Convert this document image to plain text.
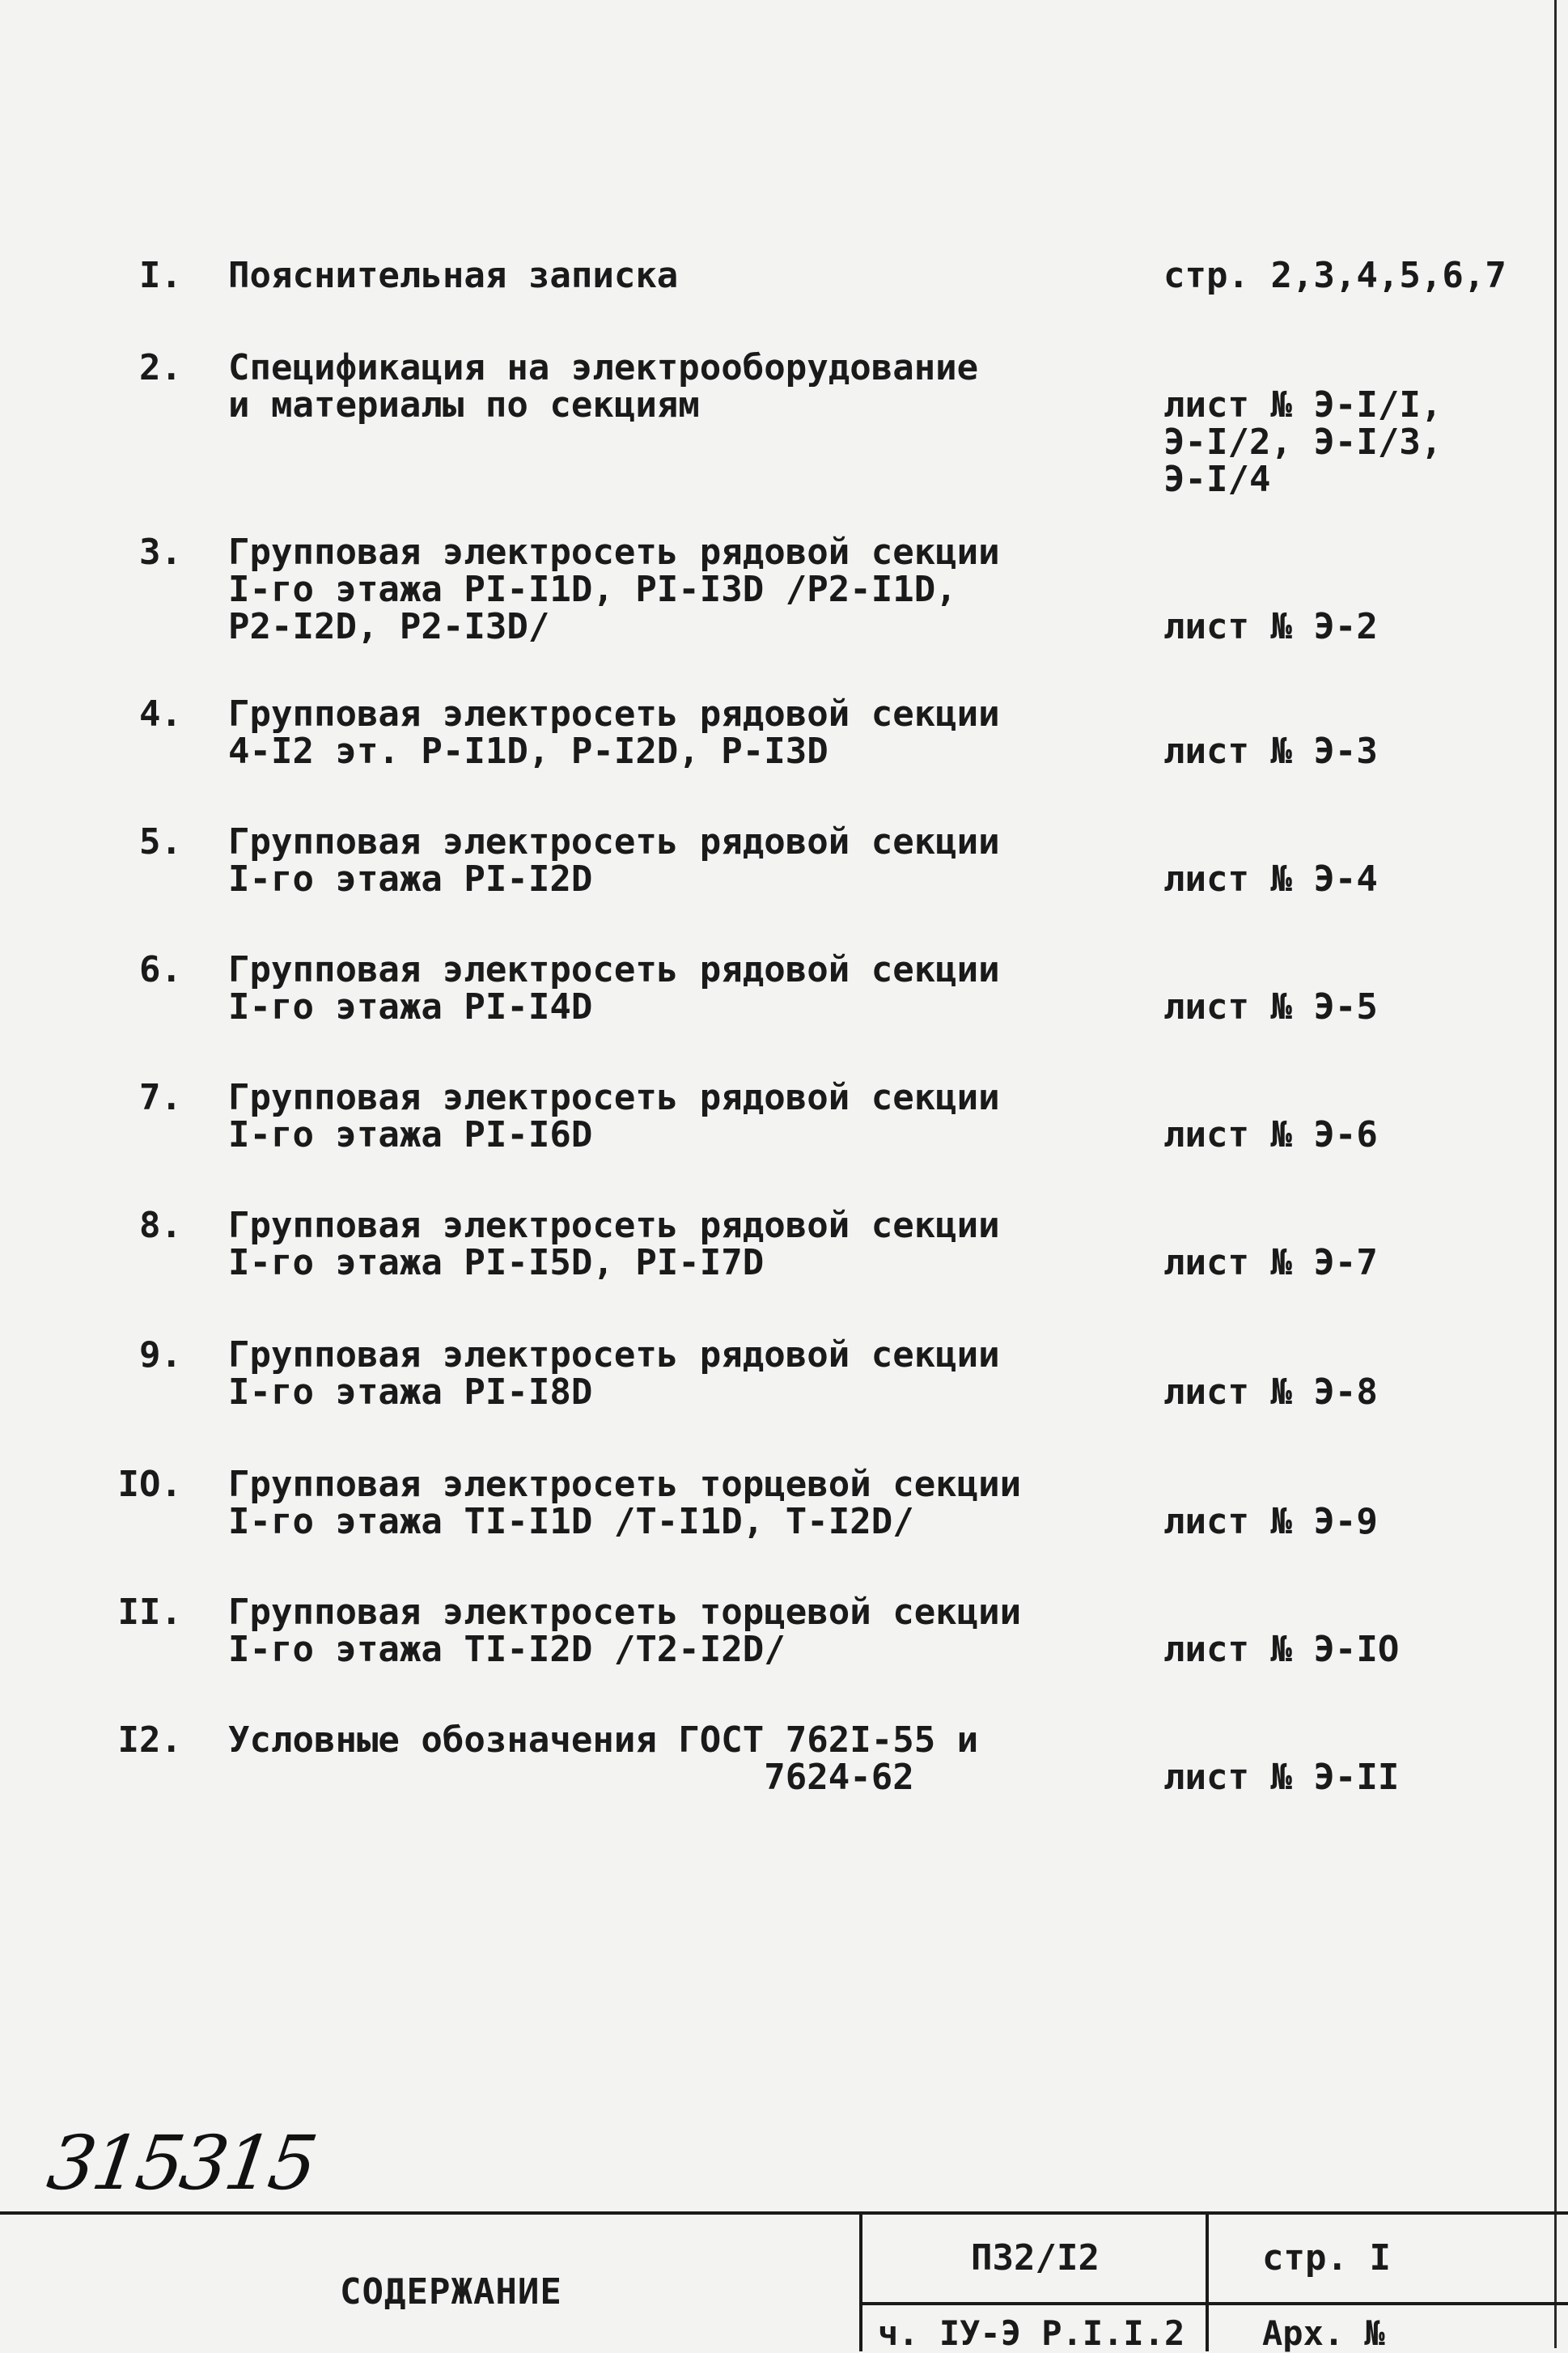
I. Пояснительная записка	стр. 2,3,4,5,6,7
2. Спецификация на электрооборудование
и материалы по секциям	лист № Э-I/I,
Э-I/2, Э-I/3,
Э-I/4
3. Групповая электросеть рядовой секции
I-го этажа PI-I1D, PI-I3D /P2-I1D,
P2-I2D, P2-I3D/	лист № Э-2
4. Групповая электросеть рядовой секции
4-I2 эт. P-I1D, P-I2D, P-I3D	лист № Э-3
5. Групповая электросеть рядовой секции
I-го этажа PI-I2D	лист № Э-4
6. Групповая электросеть рядовой секции
I-го этажа PI-I4D	лист № Э-5
7. Групповая электросеть рядовой секции
I-го этажа PI-I6D	лист № Э-6
8. Групповая электросеть рядовой секции
I-го этажа PI-I5D, PI-I7D	лист № Э-7
9. Групповая электросеть рядовой секции
I-го этажа PI-I8D	лист № Э-8
IO. Групповая электросеть торцевой секции
I-го этажа TI-I1D /T-I1D, T-I2D/	лист № Э-9
II. Групповая электросеть торцевой секции
I-го этажа TI-I2D /T2-I2D/	лист № Э-IO
I2. Условные обозначения ГОСТ 762I-55 и
7624-62	лист № Э-II
315315
СОДЕРЖАНИЕ
П32/I2	стр. I
ч. IУ-Э P.I.I.2 Арх. №
